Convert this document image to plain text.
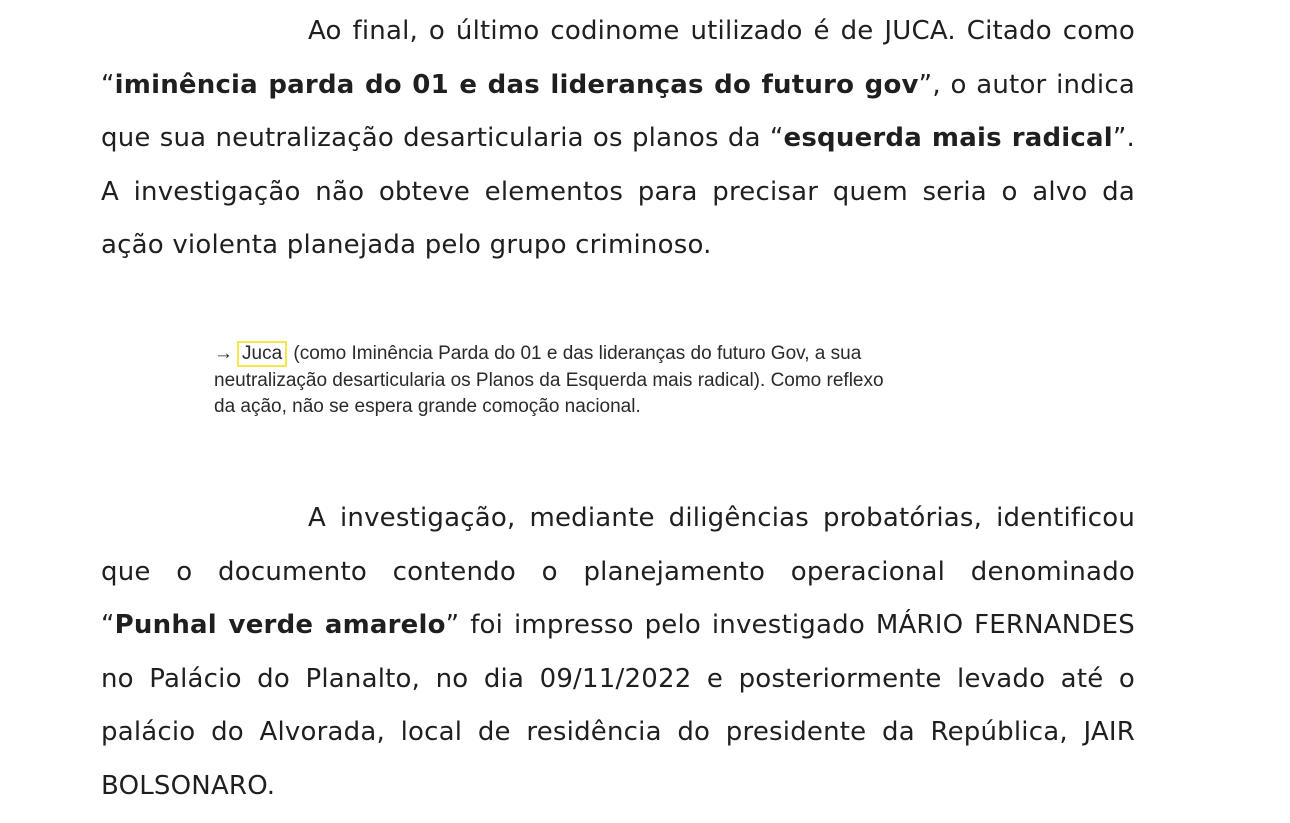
Ao final, o último codinome utilizado é de JUCA. Citado como “iminência parda do 01 e das lideranças do futuro gov”, o autor indica que sua neutralização desarticularia os planos da “esquerda mais radical”. A investigação não obteve elementos para precisar quem seria o alvo da ação violenta planejada pelo grupo criminoso.

→ Juca (como Iminência Parda do 01 e das lideranças do futuro Gov, a sua
neutralização desarticularia os Planos da Esquerda mais radical). Como reflexo
da ação, não se espera grande comoção nacional.

A investigação, mediante diligências probatórias, identificou que o documento contendo o planejamento operacional denominado “Punhal verde amarelo” foi impresso pelo investigado MÁRIO FERNANDES no Palácio do Planalto, no dia 09/11/2022 e posteriormente levado até o palácio do Alvorada, local de residência do presidente da República, JAIR BOLSONARO.
